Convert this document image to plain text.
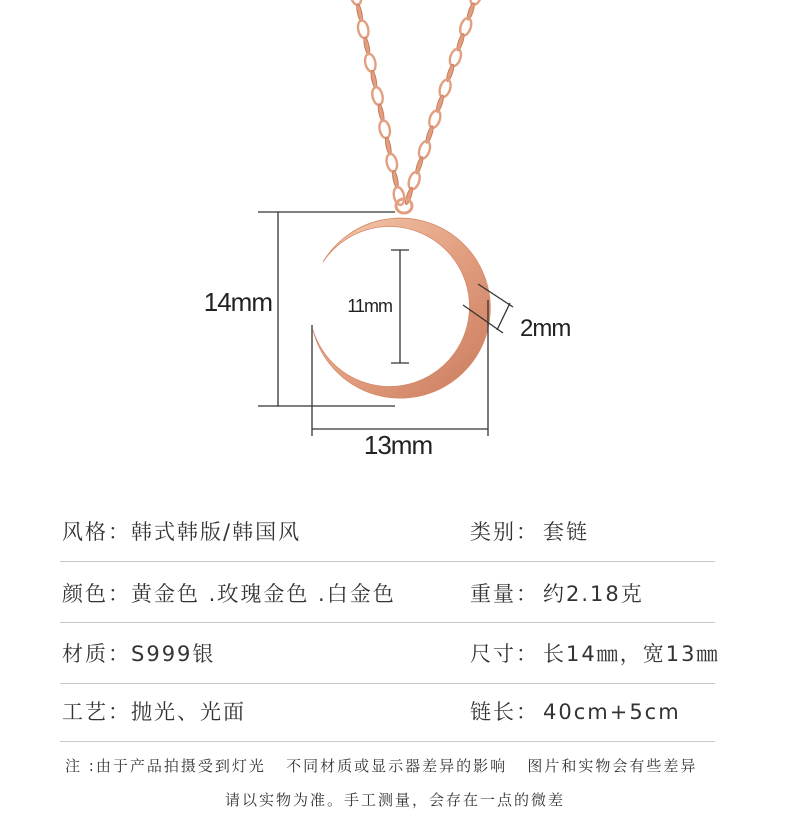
14mm	11mm
2mm
13mm
风格：韩式韩版/韩国风	类别： 套链
颜色：黄金色 .玫瑰金色 .白金色	重量： 约2.18克
材质：S999银	尺寸： 长14㎜，宽13㎜
工艺：抛光、光面	链长： 40cm+5cm
注 :由于产品拍摄受到灯光   不同材质或显示器差异的影响   图片和实物会有些差异
请以实物为准。手工测量，会存在一点的微差
